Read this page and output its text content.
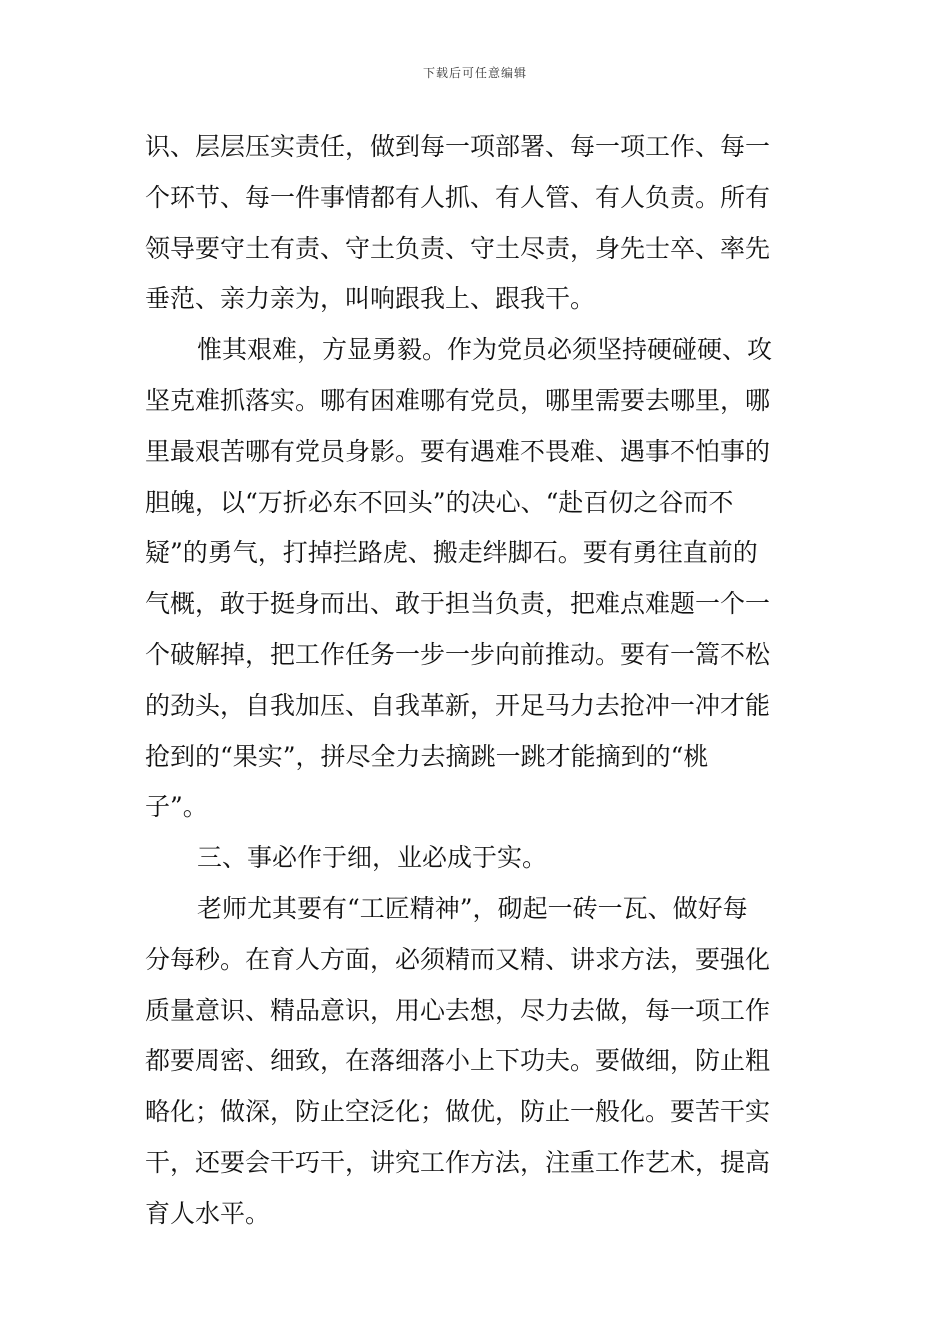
下载后可任意编辑
识、层层压实责任，做到每一项部署、每一项工作、每一
个环节、每一件事情都有人抓、有人管、有人负责。所有
领导要守土有责、守土负责、守土尽责，身先士卒、率先
垂范、亲力亲为，叫响跟我上、跟我干。
惟其艰难，方显勇毅。作为党员必须坚持硬碰硬、攻
坚克难抓落实。哪有困难哪有党员，哪里需要去哪里，哪
里最艰苦哪有党员身影。要有遇难不畏难、遇事不怕事的
胆魄，以“万折必东不回头”的决心、“赴百仞之谷而不
疑”的勇气，打掉拦路虎、搬走绊脚石。要有勇往直前的
气概，敢于挺身而出、敢于担当负责，把难点难题一个一
个破解掉，把工作任务一步一步向前推动。要有一篙不松
的劲头，自我加压、自我革新，开足马力去抢冲一冲才能
抢到的“果实”，拼尽全力去摘跳一跳才能摘到的“桃
子”。
三、事必作于细，业必成于实。
老师尤其要有“工匠精神”，砌起一砖一瓦、做好每
分每秒。在育人方面，必须精而又精、讲求方法，要强化
质量意识、精品意识，用心去想，尽力去做，每一项工作
都要周密、细致，在落细落小上下功夫。要做细，防止粗
略化；做深，防止空泛化；做优，防止一般化。要苦干实
干，还要会干巧干，讲究工作方法，注重工作艺术，提高
育人水平。
